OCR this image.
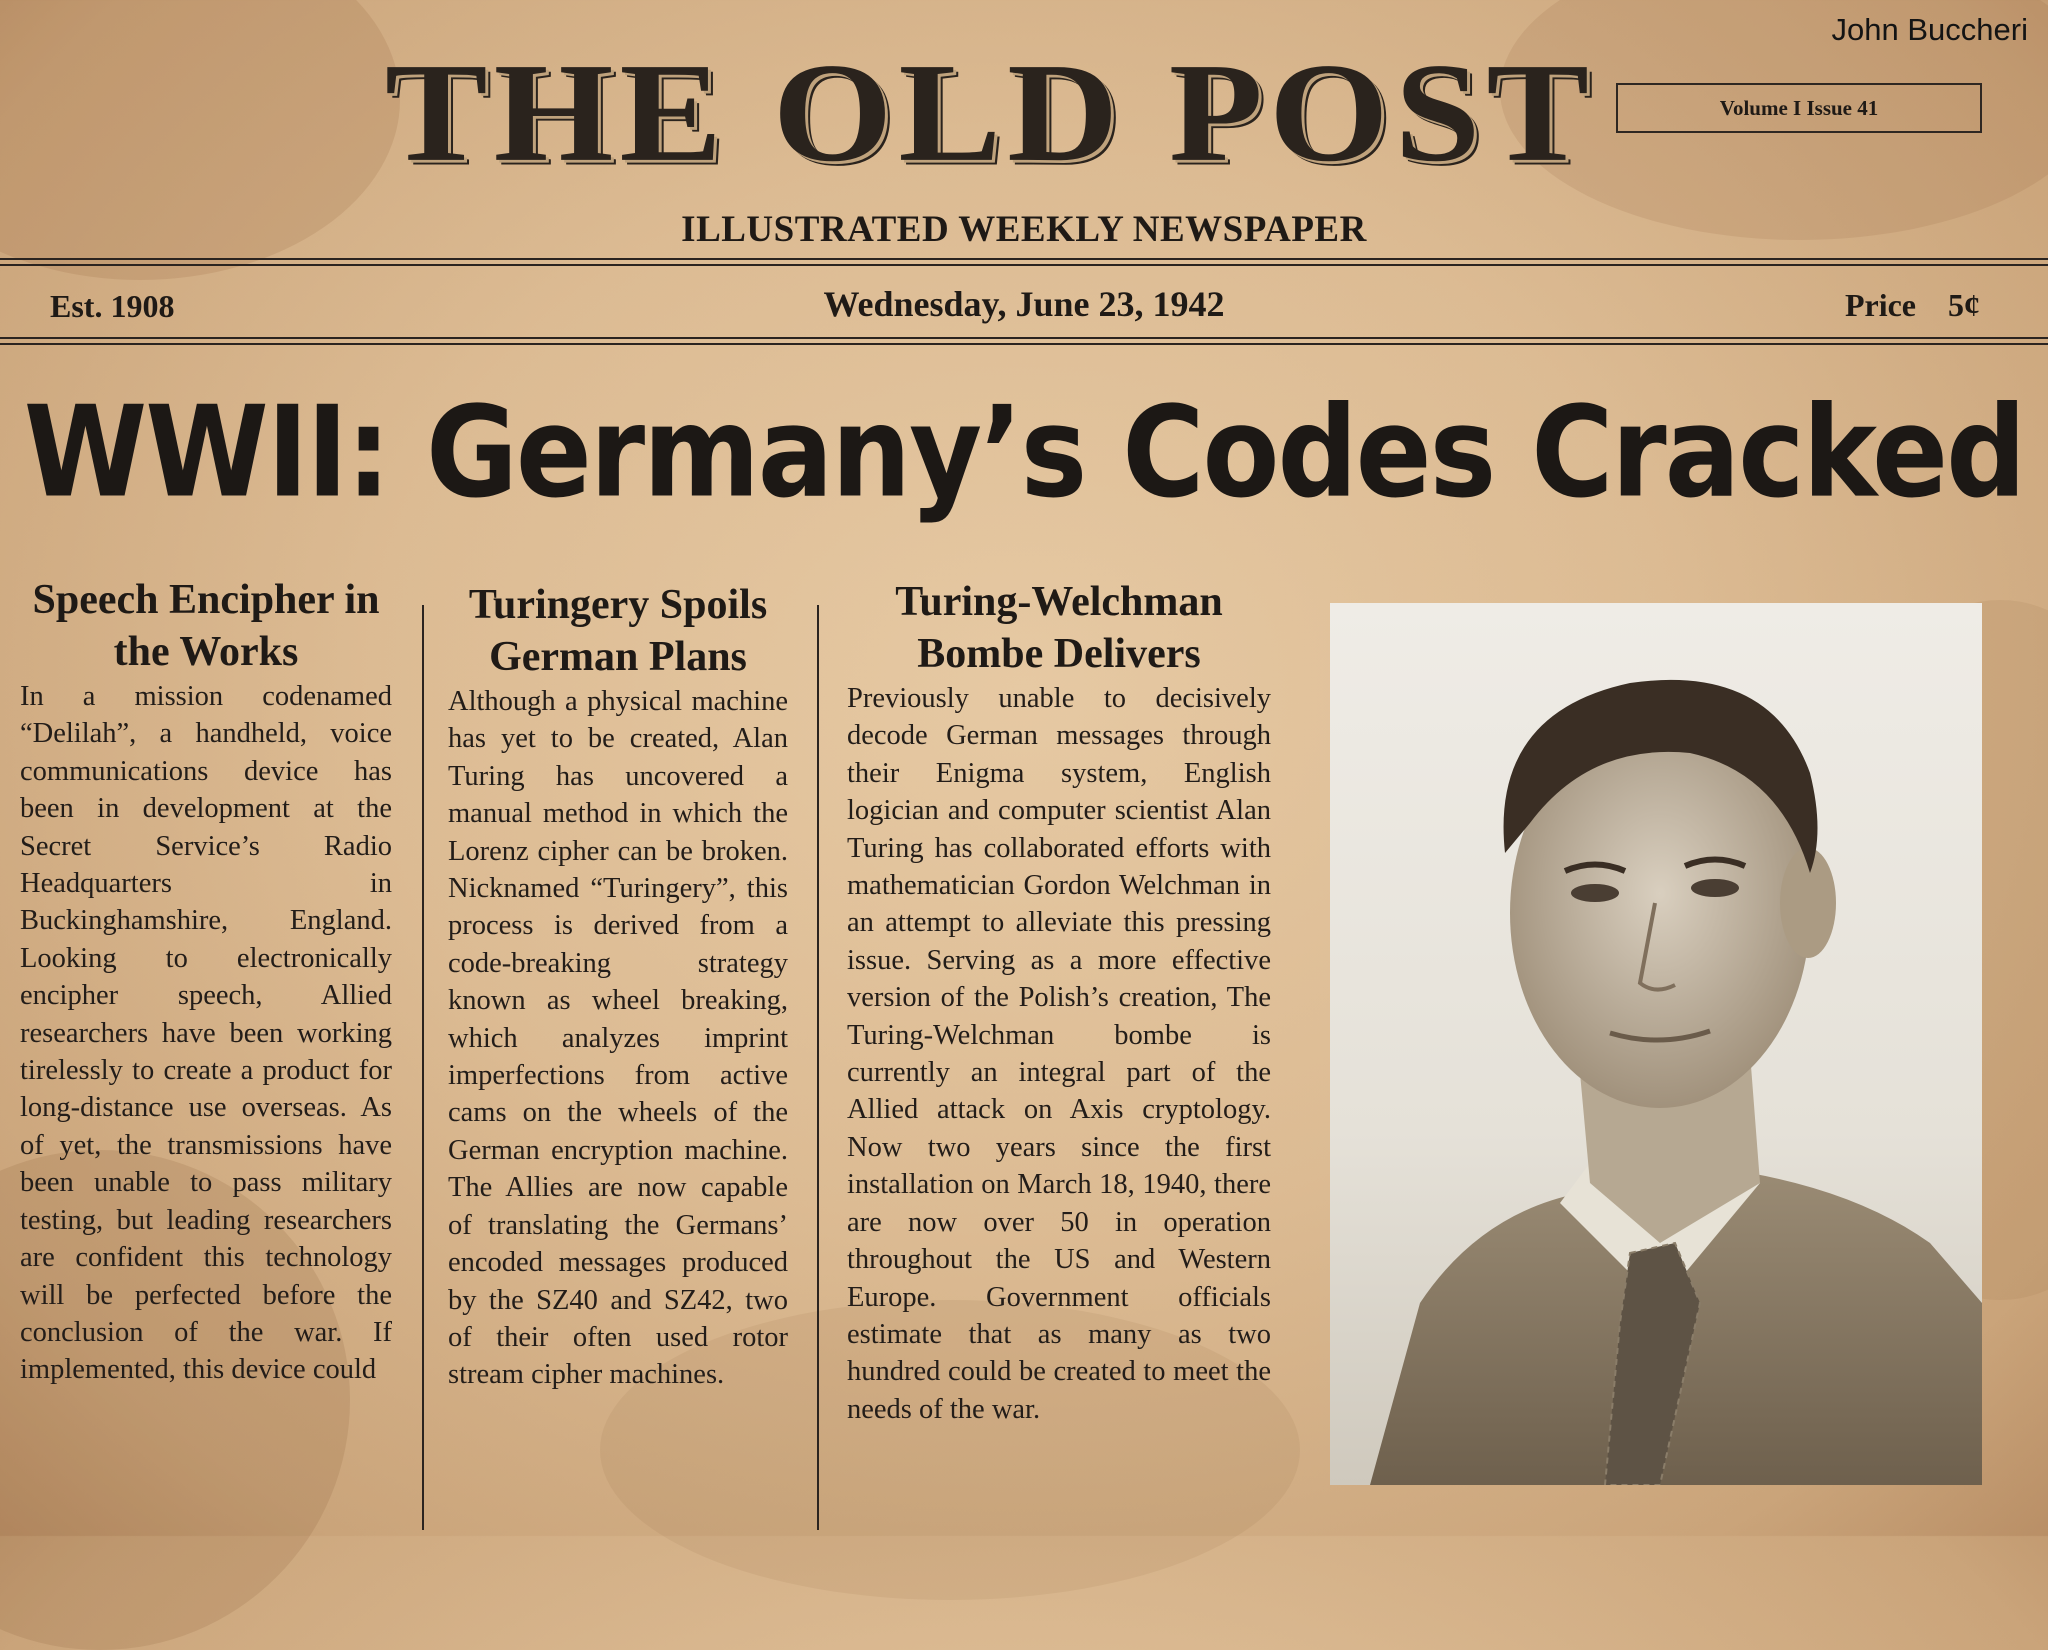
John Buccheri
THE OLD POST	Volume I Issue 41
ILLUSTRATED WEEKLY NEWSPAPER
Est. 1908	Wednesday, June 23, 1942	Price    5¢
WWII: Germany’s Codes Cracked
Speech Encipher in the Works
In a mission codenamed “Delilah”, a handheld, voice communications device has been in development at the Secret Service’s Radio Headquarters in Buckinghamshire, England. Looking to electronically encipher speech, Allied researchers have been working tirelessly to create a product for long-distance use overseas. As of yet, the transmissions have been unable to pass military testing, but leading researchers are confident this technology will be perfected before the conclusion of the war. If implemented, this device could
Turingery Spoils German Plans
Although a physical machine has yet to be created, Alan Turing has uncovered a manual method in which the Lorenz cipher can be broken. Nicknamed “Turingery”, this process is derived from a code-breaking strategy known as wheel breaking, which analyzes imprint imperfections from active cams on the wheels of the German encryption machine. The Allies are now capable of translating the Germans’ encoded messages produced by the SZ40 and SZ42, two of their often used rotor stream cipher machines.
Turing-Welchman Bombe Delivers
Previously unable to decisively decode German messages through their Enigma system, English logician and computer scientist Alan Turing has collaborated efforts with mathematician Gordon Welchman in an attempt to alleviate this pressing issue. Serving as a more effective version of the Polish’s creation, The Turing-Welchman bombe is currently an integral part of the Allied attack on Axis cryptology. Now two years since the first installation on March 18, 1940, there are now over 50 in operation throughout the US and Western Europe. Government officials estimate that as many as two hundred could be created to meet the needs of the war.
